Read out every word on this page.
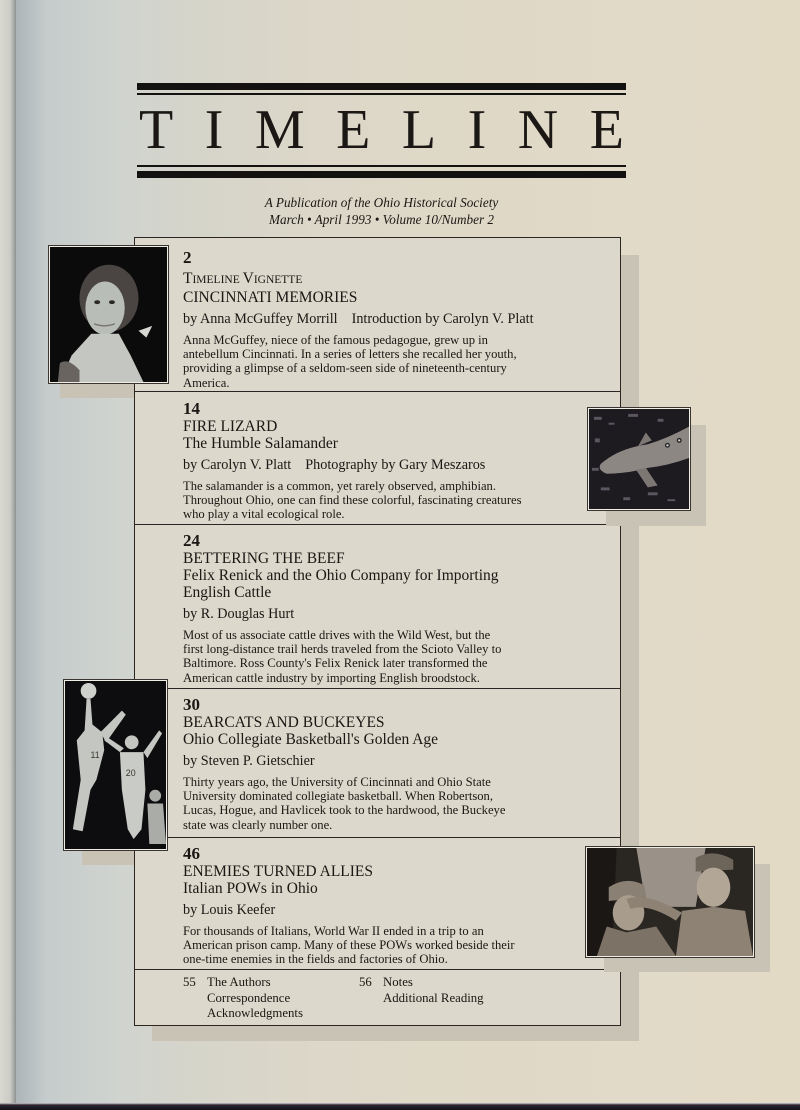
T I M E L I N E
A Publication of the Ohio Historical Society
March • April 1993 • Volume 10/Number 2
2
TIMELINE VIGNETTE
CINCINNATI MEMORIES
by Anna McGuffey Morrill Introduction by Carolyn V. Platt
Anna McGuffey, niece of the famous pedagogue, grew up in
antebellum Cincinnati. In a series of letters she recalled her youth,
providing a glimpse of a seldom-seen side of nineteenth-century
America.
14
FIRE LIZARD
The Humble Salamander
by Carolyn V. Platt Photography by Gary Meszaros
The salamander is a common, yet rarely observed, amphibian.
Throughout Ohio, one can find these colorful, fascinating creatures
who play a vital ecological role.
24
BETTERING THE BEEF
Felix Renick and the Ohio Company for Importing
English Cattle
by R. Douglas Hurt
Most of us associate cattle drives with the Wild West, but the
first long-distance trail herds traveled from the Scioto Valley to
Baltimore. Ross County's Felix Renick later transformed the
American cattle industry by importing English broodstock.
30
BEARCATS AND BUCKEYES
Ohio Collegiate Basketball's Golden Age
by Steven P. Gietschier
Thirty years ago, the University of Cincinnati and Ohio State
University dominated collegiate basketball. When Robertson,
Lucas, Hogue, and Havlicek took to the hardwood, the Buckeye
state was clearly number one.
46
ENEMIES TURNED ALLIES
Italian POWs in Ohio
by Louis Keefer
For thousands of Italians, World War II ended in a trip to an
American prison camp. Many of these POWs worked beside their
one-time enemies in the fields and factories of Ohio.
55 The Authors
Correspondence
Acknowledgments
56 Notes
Additional Reading
11
20
